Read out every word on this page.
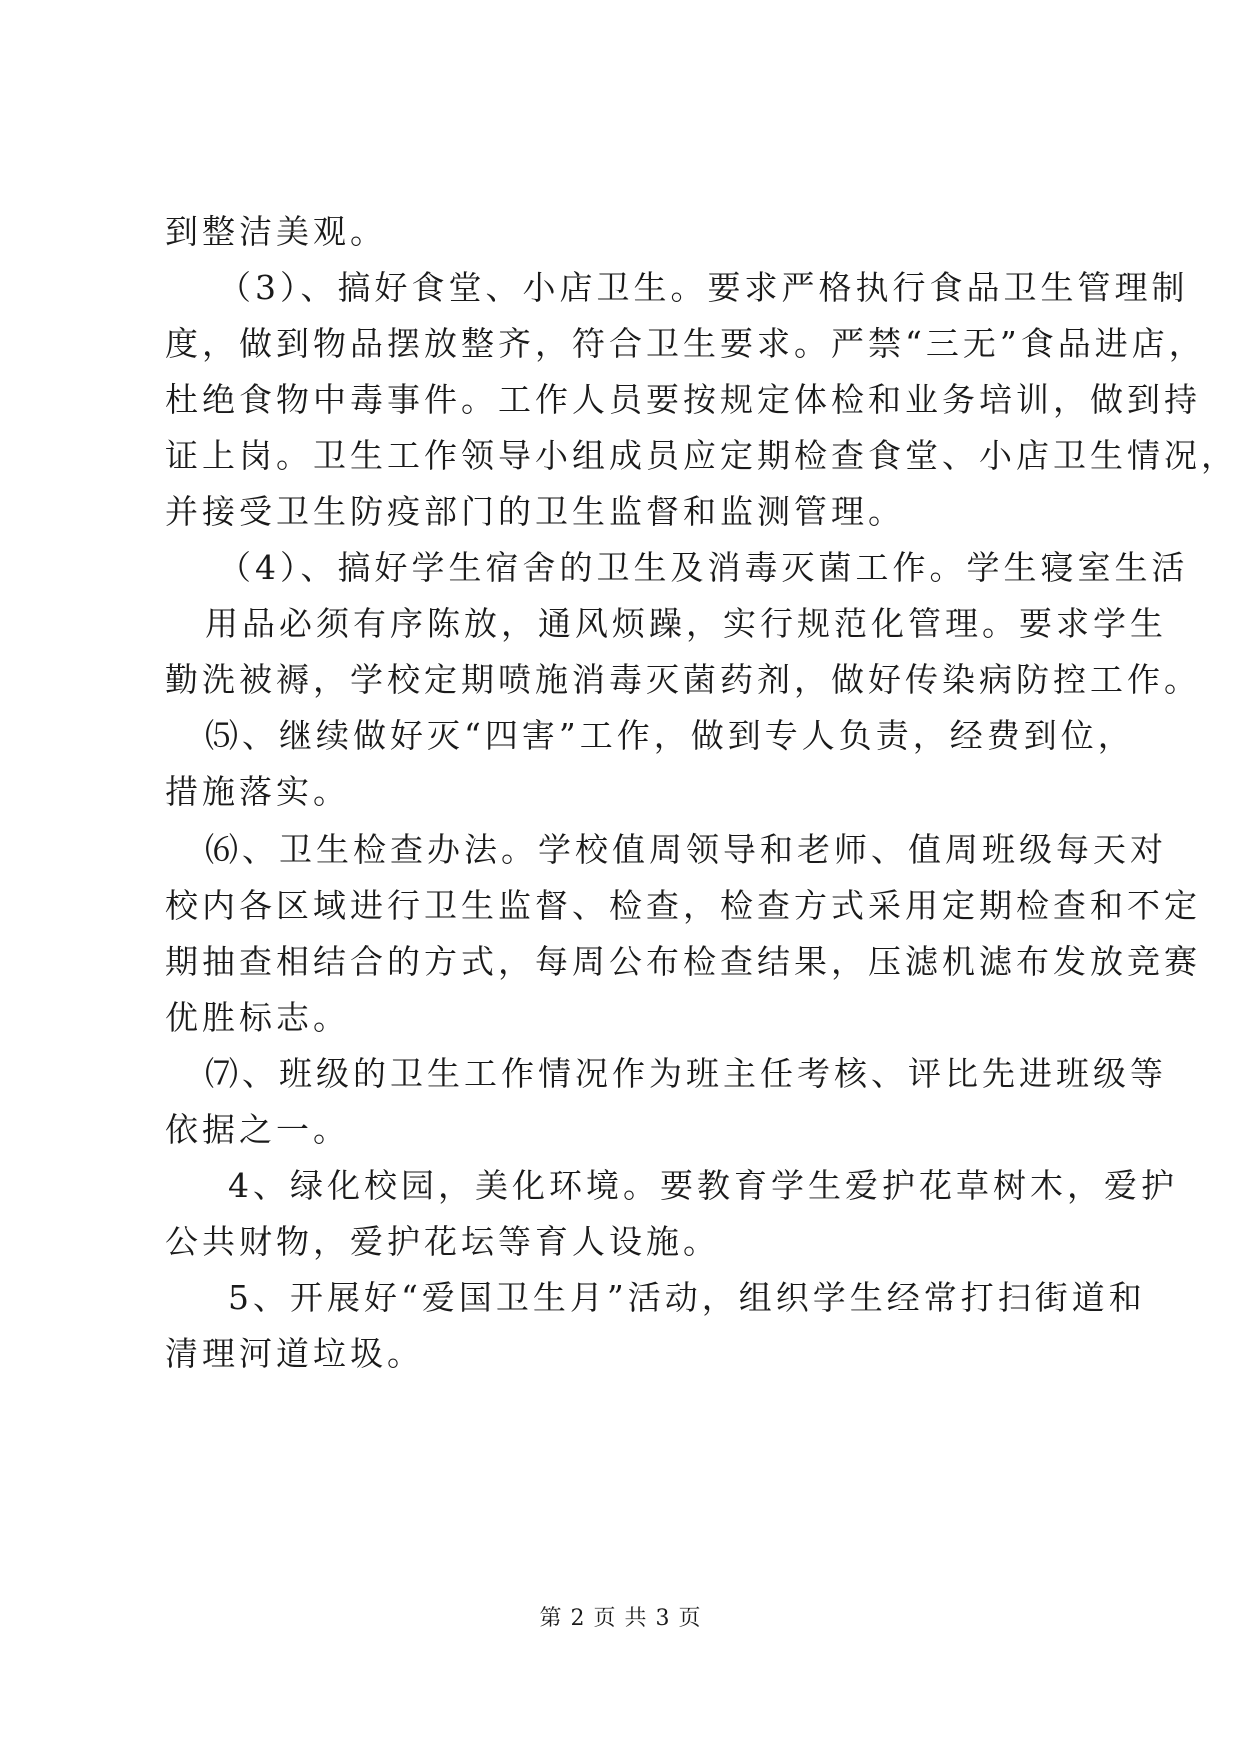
到整洁美观。
（3）、搞好食堂、小店卫生。要求严格执行食品卫生管理制
度，做到物品摆放整齐，符合卫生要求。严禁“三无”食品进店，
杜绝食物中毒事件。工作人员要按规定体检和业务培训，做到持
证上岗。卫生工作领导小组成员应定期检查食堂、小店卫生情况，
并接受卫生防疫部门的卫生监督和监测管理。
（4）、搞好学生宿舍的卫生及消毒灭菌工作。学生寝室生活
用品必须有序陈放，通风烦躁，实行规范化管理。要求学生
勤洗被褥，学校定期喷施消毒灭菌药剂，做好传染病防控工作。
⑸、继续做好灭“四害”工作，做到专人负责，经费到位，
措施落实。
⑹、卫生检查办法。学校值周领导和老师、值周班级每天对
校内各区域进行卫生监督、检查，检查方式采用定期检查和不定
期抽查相结合的方式，每周公布检查结果，压滤机滤布发放竞赛
优胜标志。
⑺、班级的卫生工作情况作为班主任考核、评比先进班级等
依据之一。
4、绿化校园，美化环境。要教育学生爱护花草树木，爱护
公共财物，爱护花坛等育人设施。
5、开展好“爱国卫生月”活动，组织学生经常打扫街道和
清理河道垃圾。
第 2 页 共 3 页
